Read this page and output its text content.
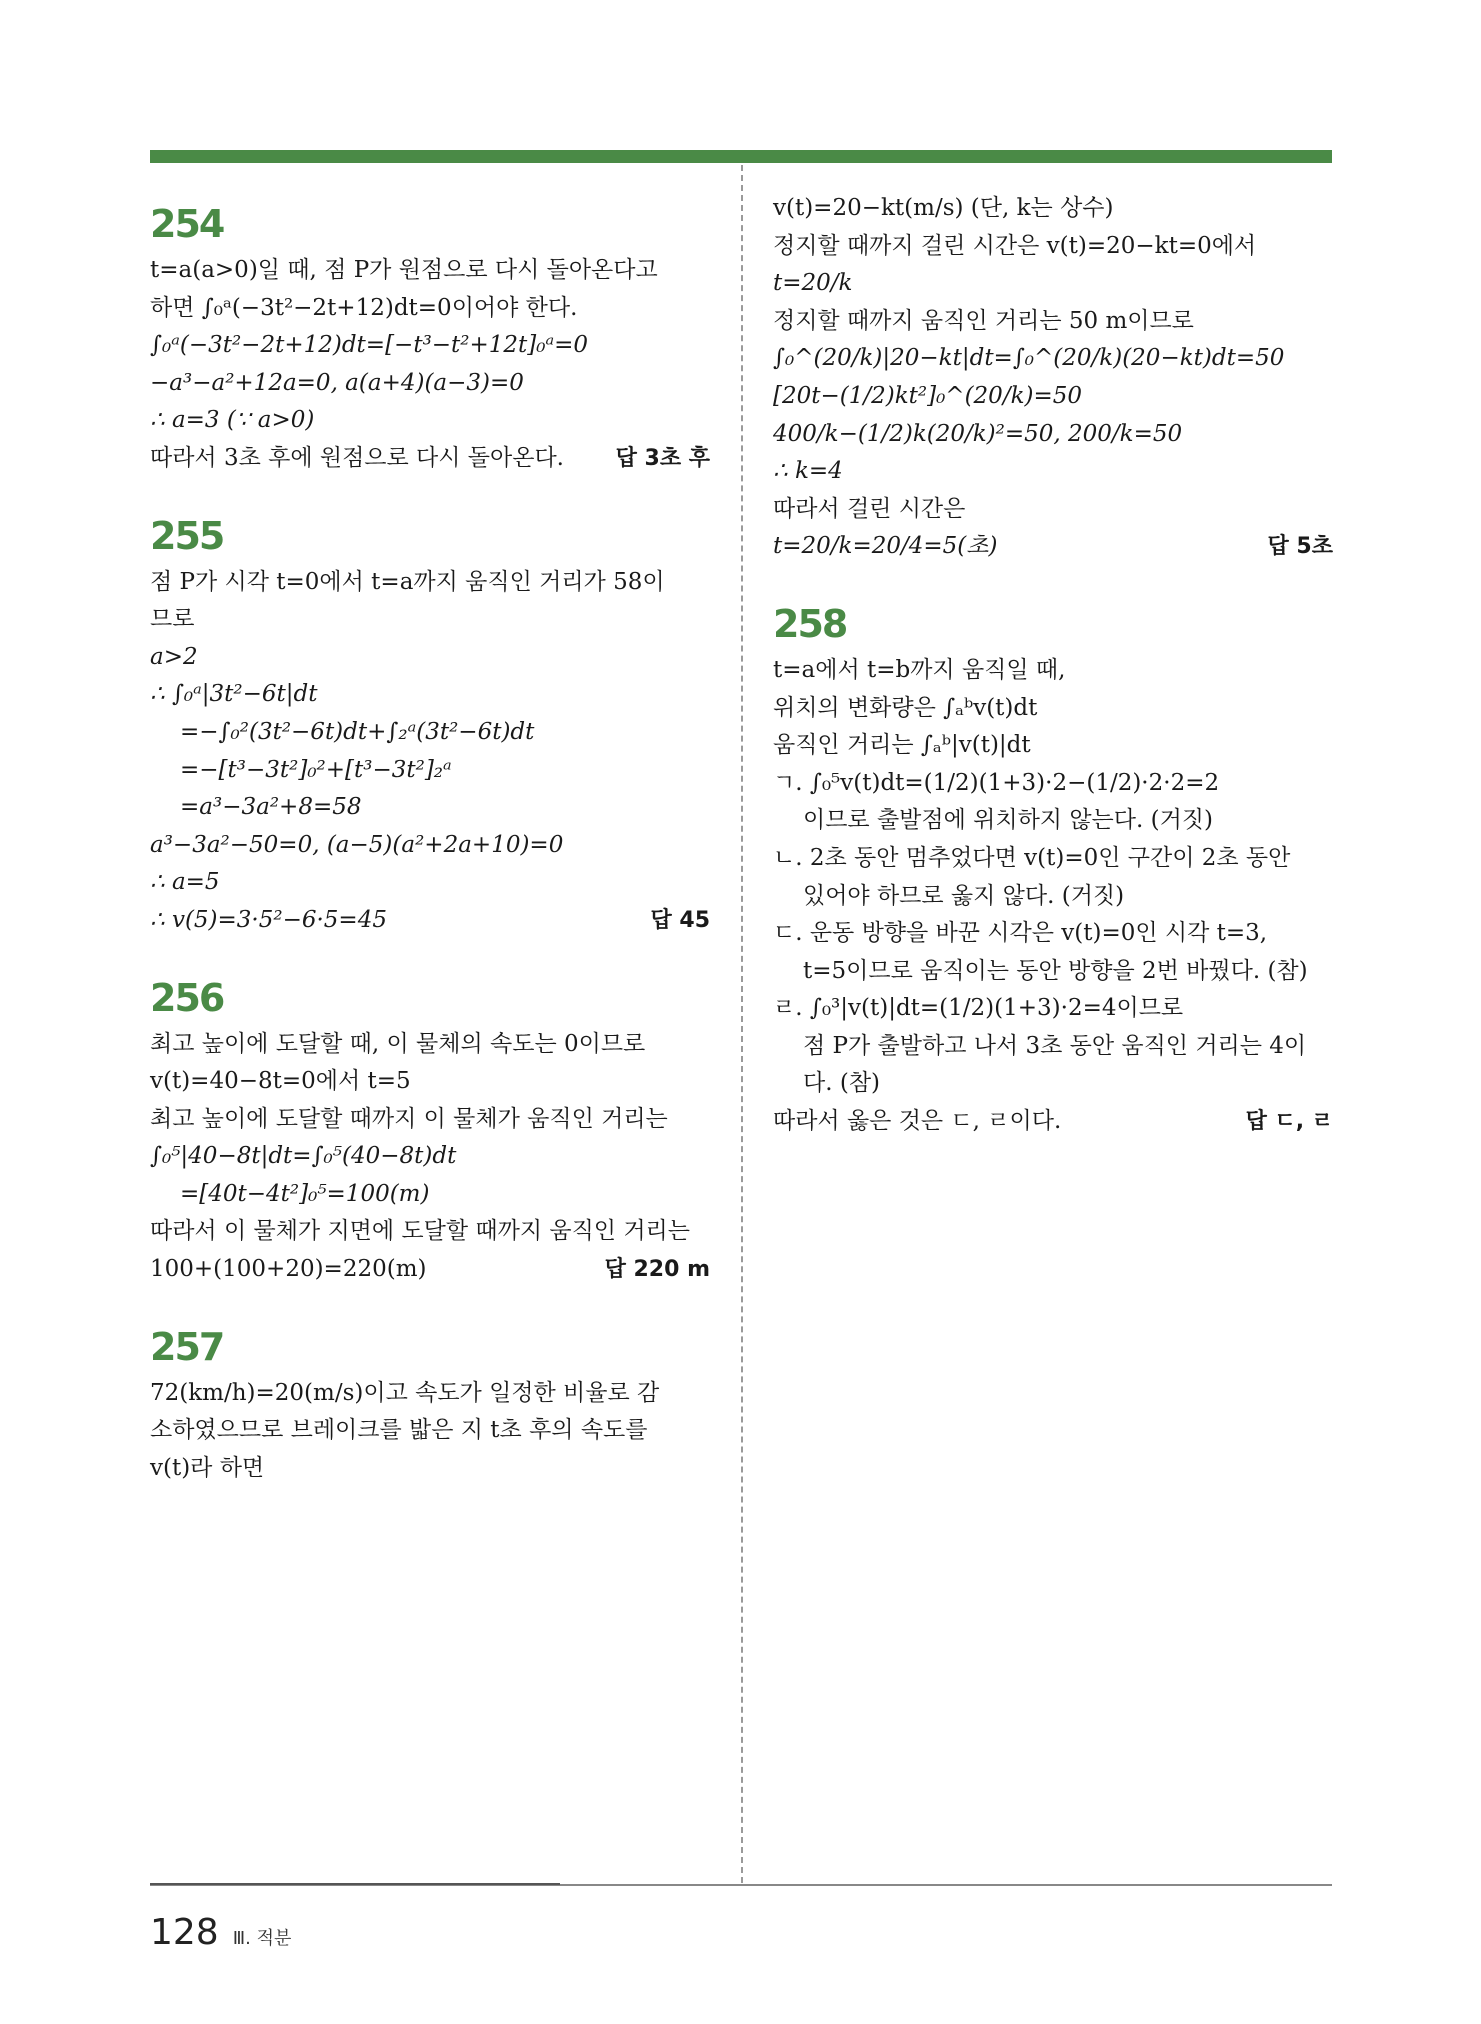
254
t=a(a>0)일 때, 점 P가 원점으로 다시 돌아온다고
하면 ∫₀ᵃ(−3t²−2t+12)dt=0이어야 한다.
∫₀ᵃ(−3t²−2t+12)dt=[−t³−t²+12t]₀ᵃ=0
−a³−a²+12a=0, a(a+4)(a−3)=0
∴ a=3 (∵ a>0)
따라서 3초 후에 원점으로 다시 돌아온다. 답 3초 후
255
점 P가 시각 t=0에서 t=a까지 움직인 거리가 58이
므로
a>2
∴ ∫₀ᵃ|3t²−6t|dt
=−∫₀²(3t²−6t)dt+∫₂ᵃ(3t²−6t)dt
=−[t³−3t²]₀²+[t³−3t²]₂ᵃ
=a³−3a²+8=58
a³−3a²−50=0, (a−5)(a²+2a+10)=0
∴ a=5
∴ v(5)=3·5²−6·5=45	답 45
256
최고 높이에 도달할 때, 이 물체의 속도는 0이므로
v(t)=40−8t=0에서 t=5
최고 높이에 도달할 때까지 이 물체가 움직인 거리는
∫₀⁵|40−8t|dt=∫₀⁵(40−8t)dt
=[40t−4t²]₀⁵=100(m)
따라서 이 물체가 지면에 도달할 때까지 움직인 거리는
100+(100+20)=220(m)	답 220 m
257
72(km/h)=20(m/s)이고 속도가 일정한 비율로 감
소하였으므로 브레이크를 밟은 지 t초 후의 속도를
v(t)라 하면
v(t)=20−kt(m/s) (단, k는 상수)
정지할 때까지 걸린 시간은 v(t)=20−kt=0에서
t=20/k
정지할 때까지 움직인 거리는 50 m이므로
∫₀^(20/k)|20−kt|dt=∫₀^(20/k)(20−kt)dt=50
[20t−(1/2)kt²]₀^(20/k)=50
400/k−(1/2)k(20/k)²=50, 200/k=50
∴ k=4
따라서 걸린 시간은
t=20/k=20/4=5(초)	답 5초
258
t=a에서 t=b까지 움직일 때,
위치의 변화량은 ∫ₐᵇv(t)dt
움직인 거리는 ∫ₐᵇ|v(t)|dt
ㄱ. ∫₀⁵v(t)dt=(1/2)(1+3)·2−(1/2)·2·2=2
이므로 출발점에 위치하지 않는다. (거짓)
ㄴ. 2초 동안 멈추었다면 v(t)=0인 구간이 2초 동안
있어야 하므로 옳지 않다. (거짓)
ㄷ. 운동 방향을 바꾼 시각은 v(t)=0인 시각 t=3,
t=5이므로 움직이는 동안 방향을 2번 바꿨다. (참)
ㄹ. ∫₀³|v(t)|dt=(1/2)(1+3)·2=4이므로
점 P가 출발하고 나서 3초 동안 움직인 거리는 4이
다. (참)
따라서 옳은 것은 ㄷ, ㄹ이다.	답 ㄷ, ㄹ
128 Ⅲ. 적분
